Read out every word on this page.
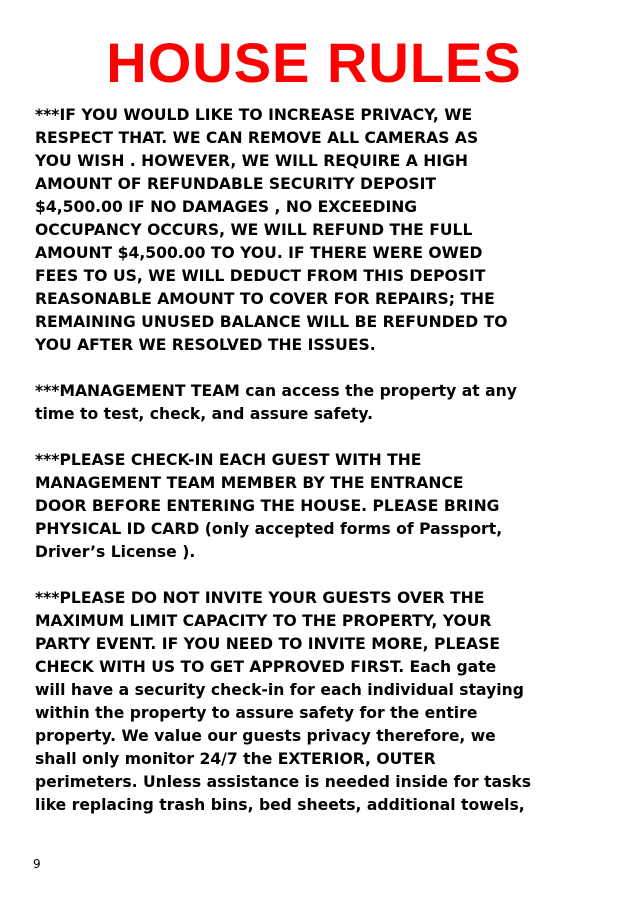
HOUSE RULES

***IF YOU WOULD LIKE TO INCREASE PRIVACY, WE
RESPECT THAT. WE CAN REMOVE ALL CAMERAS AS
YOU WISH . HOWEVER, WE WILL REQUIRE A HIGH
AMOUNT OF REFUNDABLE SECURITY DEPOSIT
$4,500.00 IF NO DAMAGES , NO EXCEEDING
OCCUPANCY OCCURS, WE WILL REFUND THE FULL
AMOUNT $4,500.00 TO YOU. IF THERE WERE OWED
FEES TO US, WE WILL DEDUCT FROM THIS DEPOSIT
REASONABLE AMOUNT TO COVER FOR REPAIRS; THE
REMAINING UNUSED BALANCE WILL BE REFUNDED TO
YOU AFTER WE RESOLVED THE ISSUES.

***MANAGEMENT TEAM can access the property at any
time to test, check, and assure safety.

***PLEASE CHECK-IN EACH GUEST WITH THE
MANAGEMENT TEAM MEMBER BY THE ENTRANCE
DOOR BEFORE ENTERING THE HOUSE. PLEASE BRING
PHYSICAL ID CARD (only accepted forms of Passport,
Driver’s License ).

***PLEASE DO NOT INVITE YOUR GUESTS OVER THE
MAXIMUM LIMIT CAPACITY TO THE PROPERTY, YOUR
PARTY EVENT. IF YOU NEED TO INVITE MORE, PLEASE
CHECK WITH US TO GET APPROVED FIRST. Each gate
will have a security check-in for each individual staying
within the property to assure safety for the entire
property. We value our guests privacy therefore, we
shall only monitor 24/7 the EXTERIOR, OUTER
perimeters. Unless assistance is needed inside for tasks
like replacing trash bins, bed sheets, additional towels,

9
